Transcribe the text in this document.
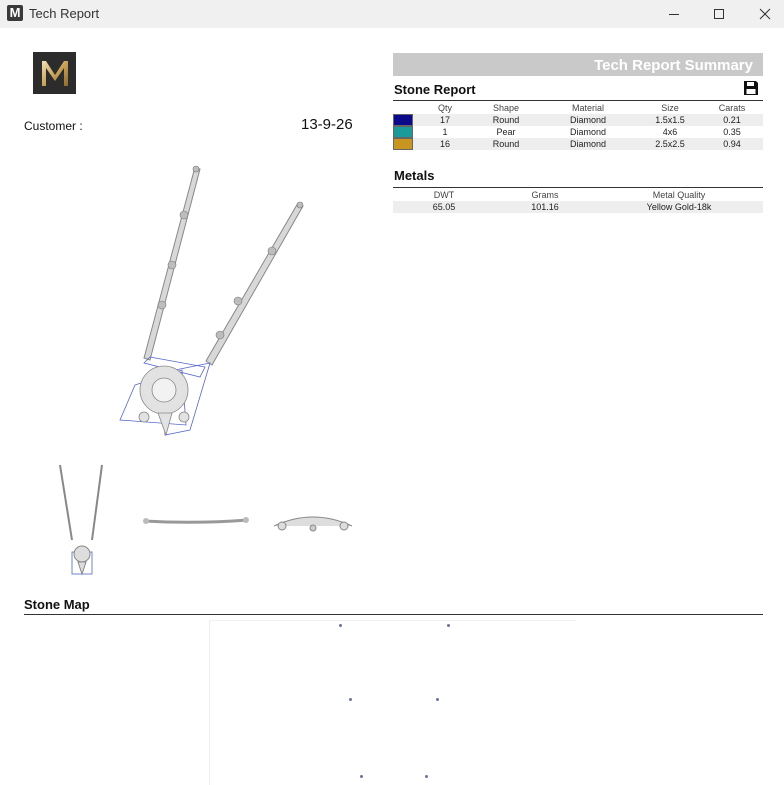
M Tech Report
Customer :	13-9-26
Tech Report Summary
Stone Report
	Qty	Shape	Material	Size	Carats
	17	Round	Diamond	1.5x1.5	0.21
	1	Pear	Diamond	4x6	0.35
	16	Round	Diamond	2.5x2.5	0.94
Metals
DWT	Grams	Metal Quality
65.05	101.16	Yellow Gold-18k
Stone Map
